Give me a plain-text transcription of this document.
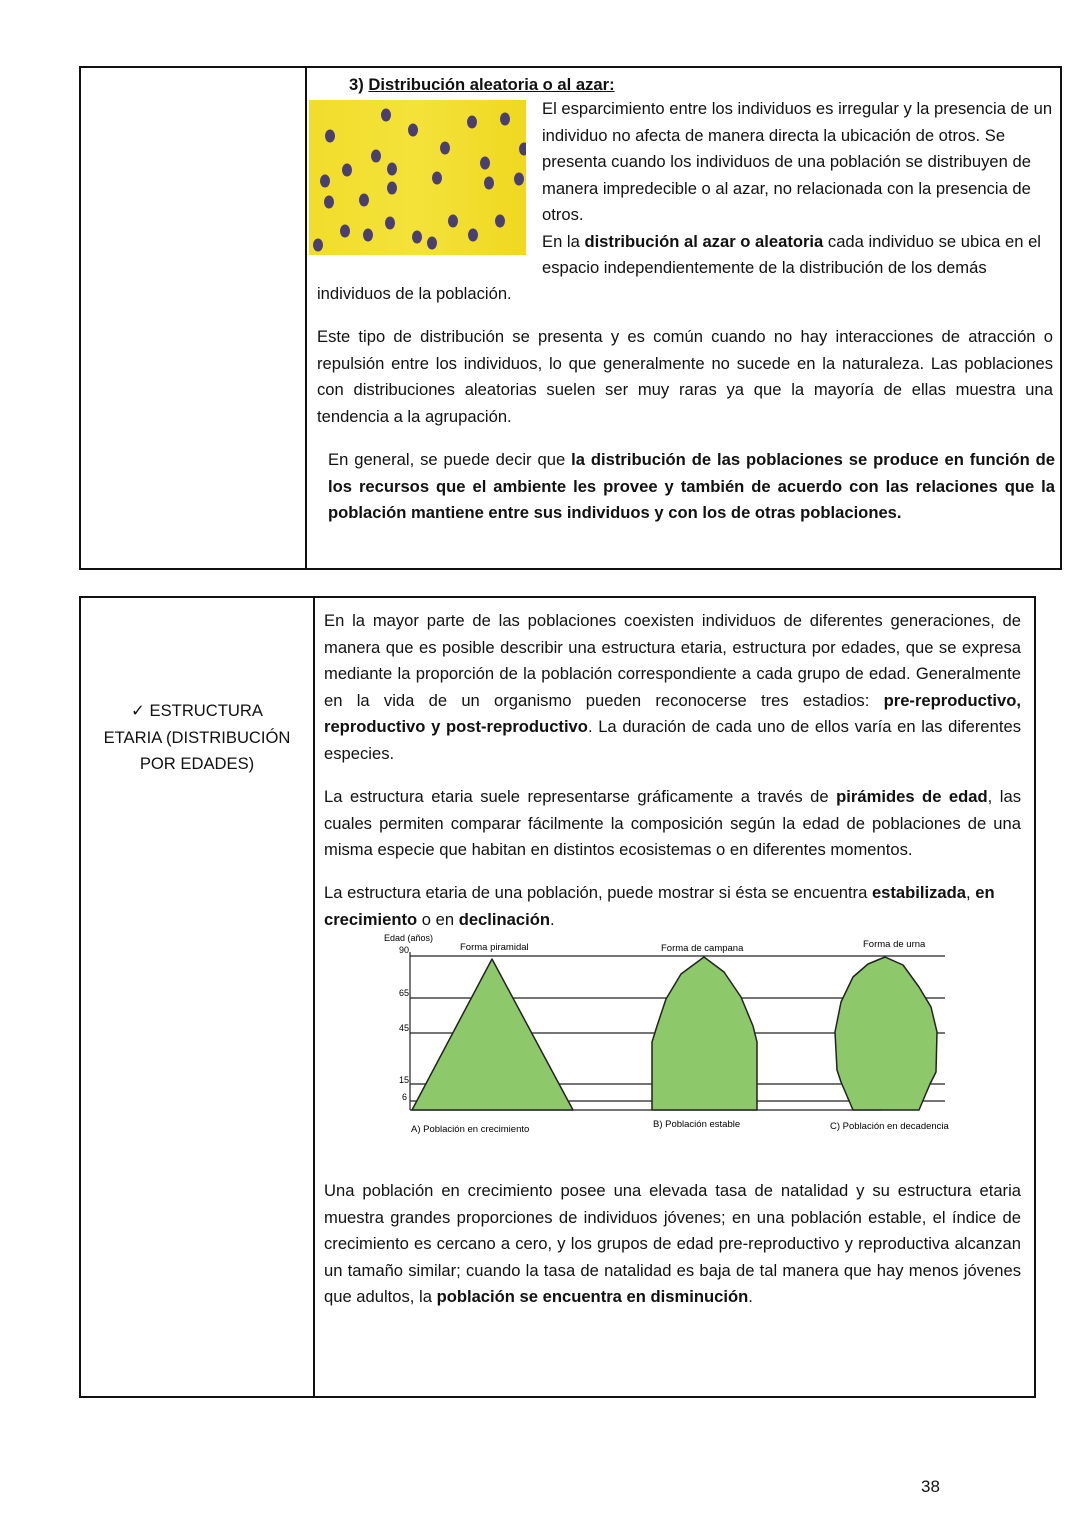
3) Distribución aleatoria o al azar:

El esparcimiento entre los individuos es irregular y la presencia de un individuo no afecta de manera directa la ubicación de otros. Se presenta cuando los individuos de una población se distribuyen de manera impredecible o al azar, no relacionada con la presencia de otros.

En la distribución al azar o aleatoria cada individuo se ubica en el espacio independientemente de la distribución de los demás

individuos de la población.

Este tipo de distribución se presenta y es común cuando no hay interacciones de atracción o repulsión entre los individuos, lo que generalmente no sucede en la naturaleza. Las poblaciones con distribuciones aleatorias suelen ser muy raras ya que la mayoría de ellas muestra una tendencia a la agrupación.

En general, se puede decir que la distribución de las poblaciones se produce en función de los recursos que el ambiente les provee y también de acuerdo con las relaciones que la población mantiene entre sus individuos y con los de otras poblaciones.

✓ ESTRUCTURA ETARIA (DISTRIBUCIÓN POR EDADES)

En la mayor parte de las poblaciones coexisten individuos de diferentes generaciones, de manera que es posible describir una estructura etaria, estructura por edades, que se expresa mediante la proporción de la población correspondiente a cada grupo de edad. Generalmente en la vida de un organismo pueden reconocerse tres estadios: pre-reproductivo, reproductivo y post-reproductivo. La duración de cada uno de ellos varía en las diferentes especies.

La estructura etaria suele representarse gráficamente a través de pirámides de edad, las cuales permiten comparar fácilmente la composición según la edad de poblaciones de una misma especie que habitan en distintos ecosistemas o en diferentes momentos.

La estructura etaria de una población, puede mostrar si ésta se encuentra estabilizada, en crecimiento o en declinación.

Edad (años)
90
65
45
15
6
Forma piramidal	Forma de campana	Forma de urna
A) Población en crecimiento	B) Población estable	C) Población en decadencia

Una población en crecimiento posee una elevada tasa de natalidad y su estructura etaria muestra grandes proporciones de individuos jóvenes; en una población estable, el índice de crecimiento es cercano a cero, y los grupos de edad pre-reproductivo y reproductiva alcanzan un tamaño similar; cuando la tasa de natalidad es baja de tal manera que hay menos jóvenes que adultos, la población se encuentra en disminución.

38
